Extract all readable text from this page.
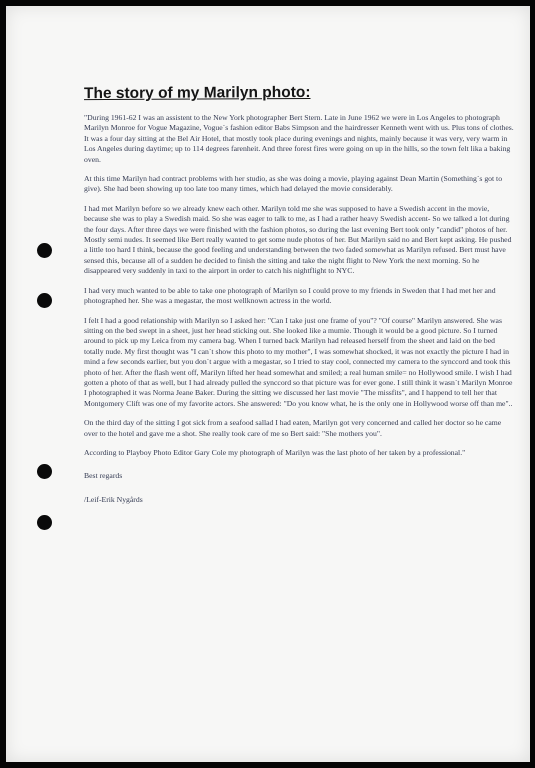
The story of my Marilyn photo:

"During 1961-62 I was an assistent to the New York photographer Bert Stern. Late in June 1962 we were in Los Angeles to photograph Marilyn Monroe for Vogue Magazine, Vogue´s fashion editor Babs Simpson and the hairdresser Kenneth went with us. Plus tons of clothes. It was a four day sitting at the Bel Air Hotel, that mostly took place during evenings and nights, mainly because it was very, very warm in Los Angeles during daytime; up to 114 degrees farenheit. And three forest fires were going on up in the hills, so the town felt lika a baking oven.

At this time Marilyn had contract problems with her studio, as she was doing a movie, playing against Dean Martin (Something´s got to give). She had been showing up too late too many times, which had delayed the movie considerably.

I had met Marilyn before so we already knew each other. Marilyn told me she was supposed to have a Swedish accent in the movie, because she was to play a Swedish maid. So she was eager to talk to me, as I had a rather heavy Swedish accent- So we talked a lot during the four days. After three days we were finished with the fashion photos, so during the last evening Bert took only "candid" photos of her. Mostly semi nudes. It seemed like Bert really wanted to get some nude photos of her. But Marilyn said no and Bert kept asking. He pushed a little too hard I think, because the good feeling and understanding between the two faded somewhat as Marilyn refused. Bert must have sensed this, because all of a sudden he decided to finish the sitting and take the night flight to New York the next morning. So he disappeared very suddenly in taxi to the airport in order to catch his nightflight to NYC.

I had very much wanted to be able to take one photograph of Marilyn so I could prove to my friends in Sweden that I had met her and photographed her. She was a megastar, the most wellknown actress in the world.

I felt I had a good relationship with Marilyn so I asked her: "Can I take just one frame of you"? "Of course" Marilyn answered. She was sitting on the bed swept in a sheet, just her head sticking out. She looked like a mumie. Though it would be a good picture. So I turned around to pick up my Leica from my camera bag. When I turned back Marilyn had released herself from the sheet and laid on the bed totally nude. My first thought was "I can´t show this photo to my mother", I was somewhat shocked, it was not exactly the picture I had in mind a few seconds earlier, but you don´t argue with a megastar, so I tried to stay cool, connected my camera to the synccord and took this photo of her. After the flash went off, Marilyn lifted her head somewhat and smiled; a real human smile= no Hollywood smile. I wish I had gotten a photo of that as well, but I had already pulled the synccord so that picture was for ever gone. I still think it wasn´t Marilyn Monroe I photographed it was Norma Jeane Baker. During the sitting we discussed her last movie "The missfits", and I happend to tell her that Montgomery Clift was one of my favorite actors. She answered: "Do you know what, he is the only one in Hollywood worse off than me"..

On the third day of the sitting I got sick from a seafood sallad I had eaten, Marilyn got very concerned and called her doctor so he came over to the hotel and gave me a shot. She really took care of me so Bert said: "She mothers you".

According to Playboy Photo Editor Gary Cole my photograph of Marilyn was the last photo of her taken by a professional."

Best regards

/Leif-Erik Nygårds
